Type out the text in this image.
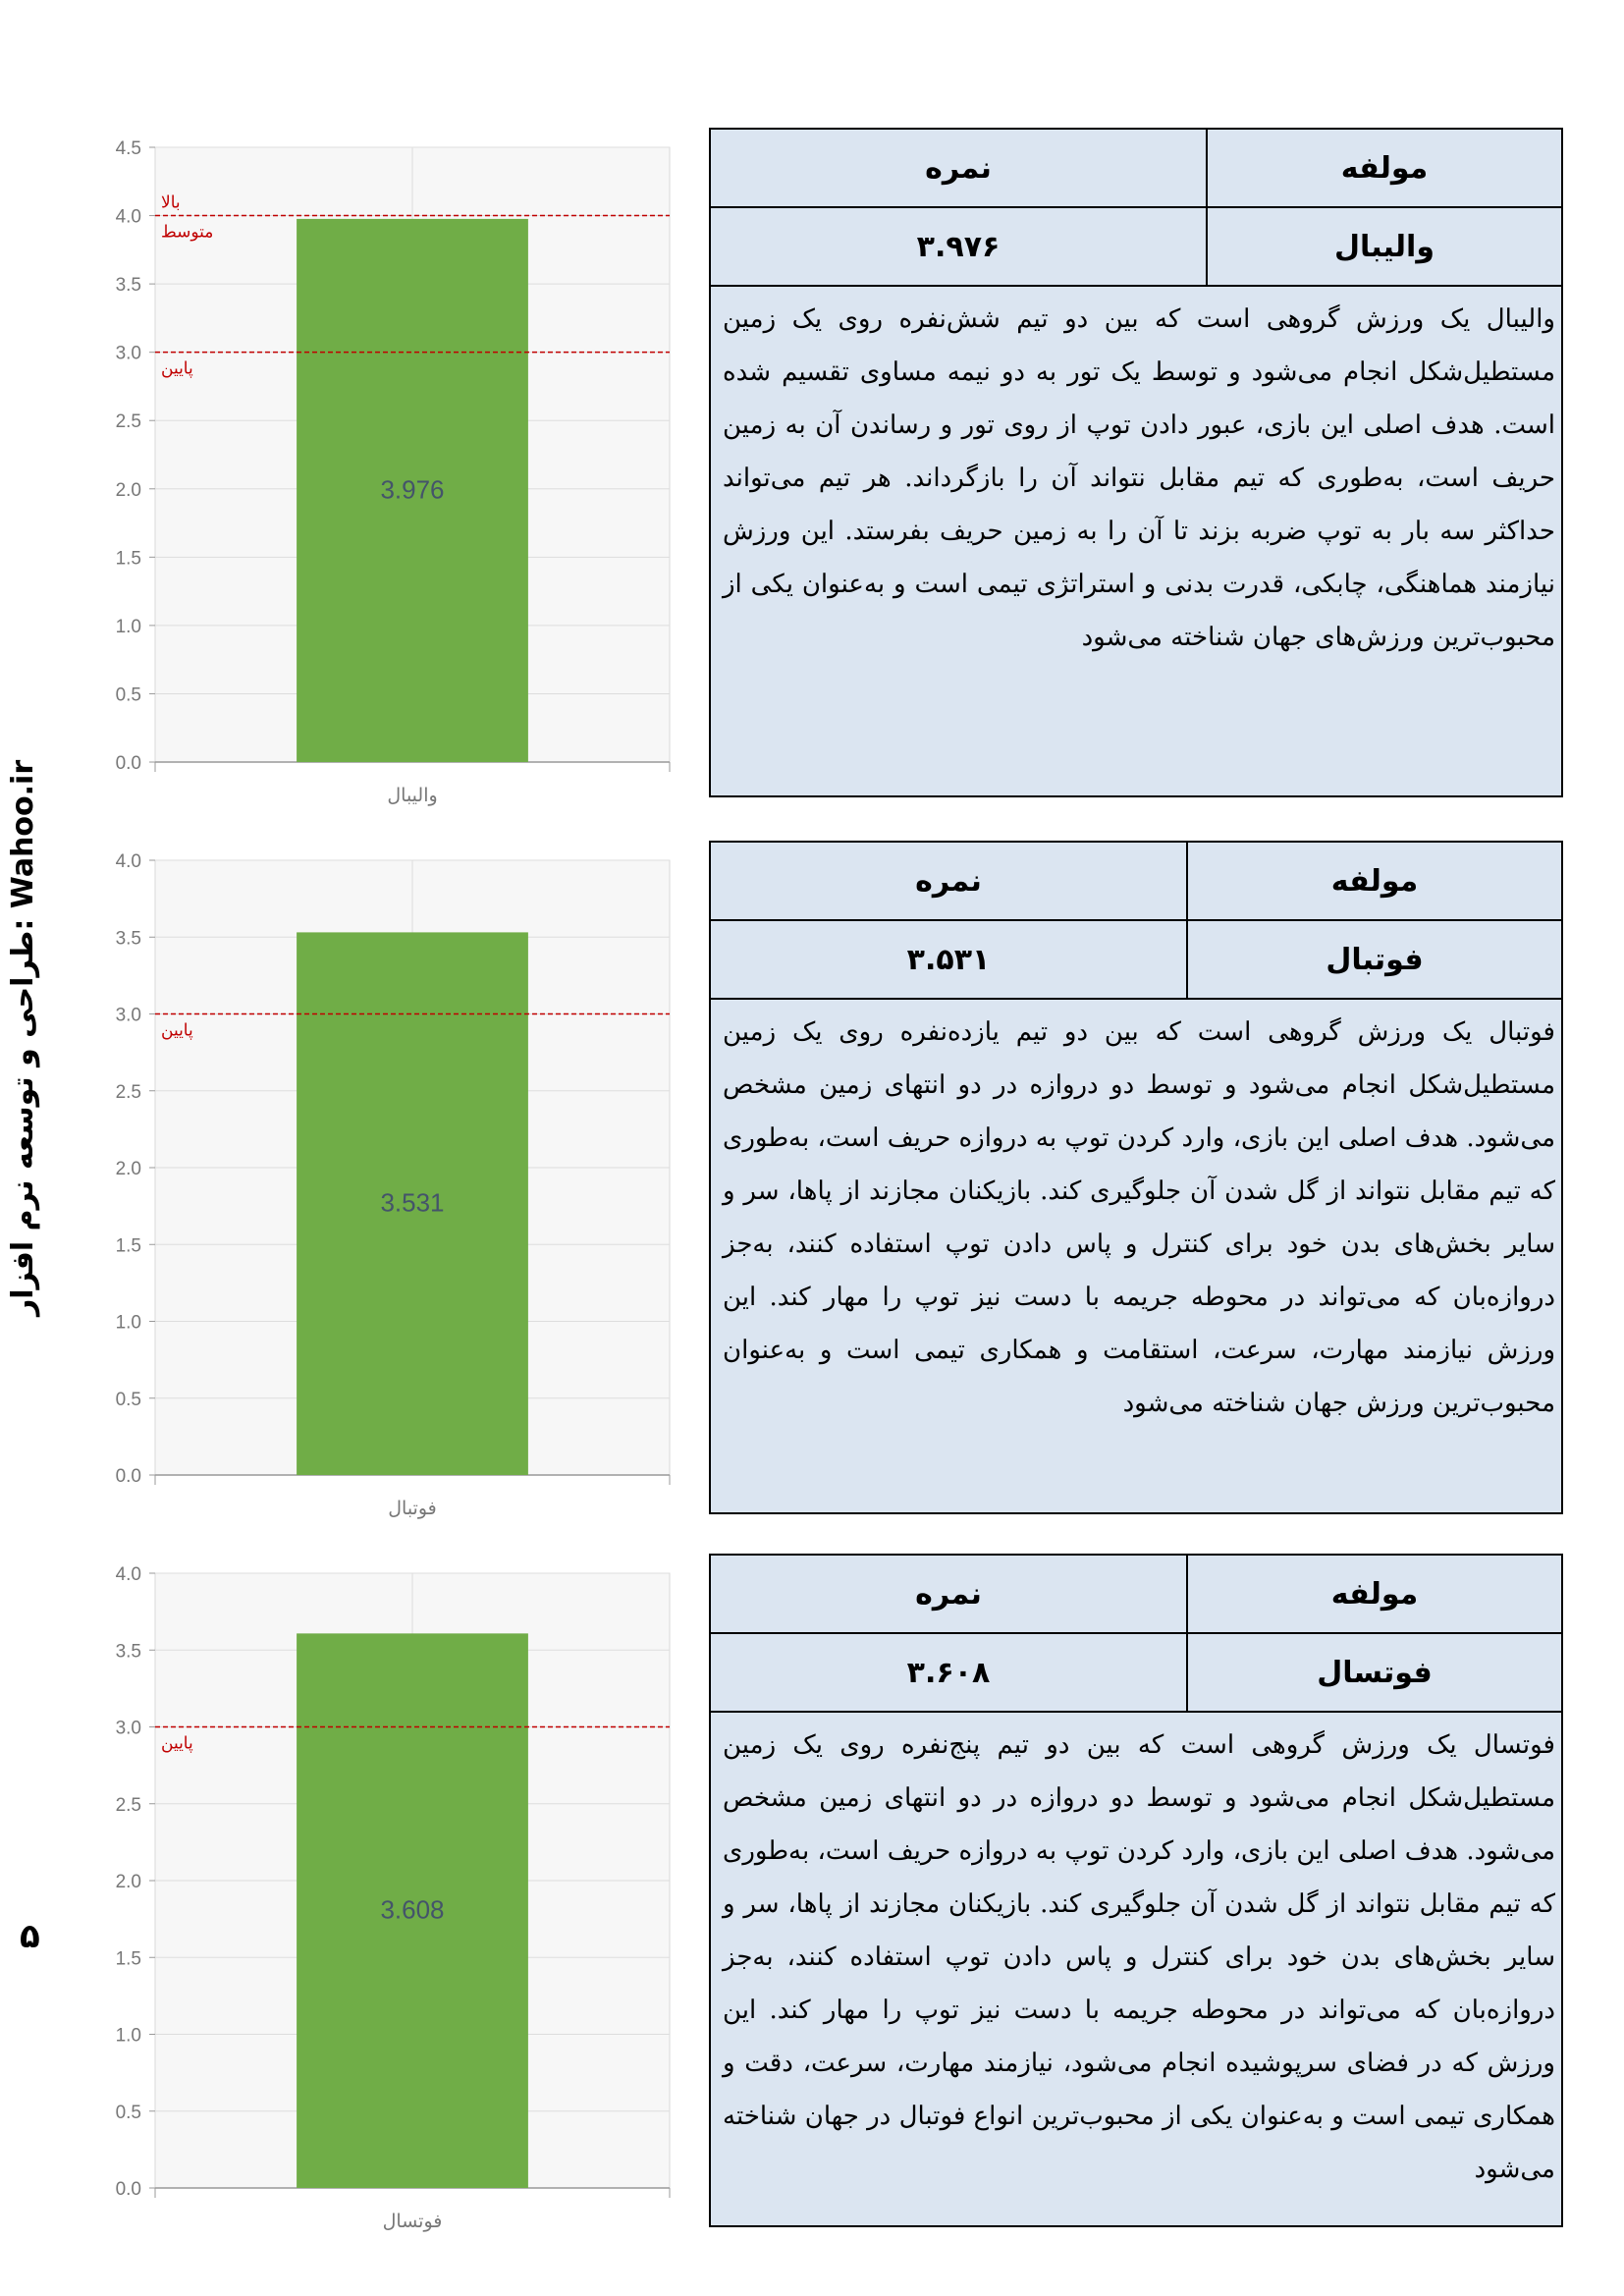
طراحی و توسعه نرم افزار: Wahoo.ir
۵
0.0
0.5
1.0
1.5
2.0
2.5
3.0
3.5
4.0
4.5
3.976
والیبال
بالا
متوسط
پایین
مولفه	نمره
والیبال	۳.۹۷۶
والیبال یک ورزش گروهی است که بین دو تیم شش‌نفره روی یک زمین مستطیل‌شکل انجام می‌شود و توسط یک تور به دو نیمه مساوی تقسیم شده است. هدف اصلی این بازی، عبور دادن توپ از روی تور و رساندن آن به زمین حریف است، به‌طوری که تیم مقابل نتواند آن را بازگرداند. هر تیم می‌تواند حداکثر سه بار به توپ ضربه بزند تا آن را به زمین حریف بفرستد. این ورزش نیازمند هماهنگی، چابکی، قدرت بدنی و استراتژی تیمی است و به‌عنوان یکی از محبوب‌ترین ورزش‌های جهان شناخته می‌شود	
0.0
0.5
1.0
1.5
2.0
2.5
3.0
3.5
4.0
3.531
فوتبال
پایین
مولفه	نمره
فوتبال	۳.۵۳۱
فوتبال یک ورزش گروهی است که بین دو تیم یازده‌نفره روی یک زمین مستطیل‌شکل انجام می‌شود و توسط دو دروازه در دو انتهای زمین مشخص می‌شود. هدف اصلی این بازی، وارد کردن توپ به دروازه حریف است، به‌طوری که تیم مقابل نتواند از گل شدن آن جلوگیری کند. بازیکنان مجازند از پاها، سر و سایر بخش‌های بدن خود برای کنترل و پاس دادن توپ استفاده کنند، به‌جز دروازه‌بان که می‌تواند در محوطه جریمه با دست نیز توپ را مهار کند. این ورزش نیازمند مهارت، سرعت، استقامت و همکاری تیمی است و به‌عنوان محبوب‌ترین ورزش جهان شناخته می‌شود	
0.0
0.5
1.0
1.5
2.0
2.5
3.0
3.5
4.0
3.608
فوتسال
پایین
مولفه	نمره
فوتسال	۳.۶۰۸
فوتسال یک ورزش گروهی است که بین دو تیم پنج‌نفره روی یک زمین مستطیل‌شکل انجام می‌شود و توسط دو دروازه در دو انتهای زمین مشخص می‌شود. هدف اصلی این بازی، وارد کردن توپ به دروازه حریف است، به‌طوری که تیم مقابل نتواند از گل شدن آن جلوگیری کند. بازیکنان مجازند از پاها، سر و سایر بخش‌های بدن خود برای کنترل و پاس دادن توپ استفاده کنند، به‌جز دروازه‌بان که می‌تواند در محوطه جریمه با دست نیز توپ را مهار کند. این ورزش که در فضای سرپوشیده انجام می‌شود، نیازمند مهارت، سرعت، دقت و همکاری تیمی است و به‌عنوان یکی از محبوب‌ترین انواع فوتبال در جهان شناخته می‌شود	
